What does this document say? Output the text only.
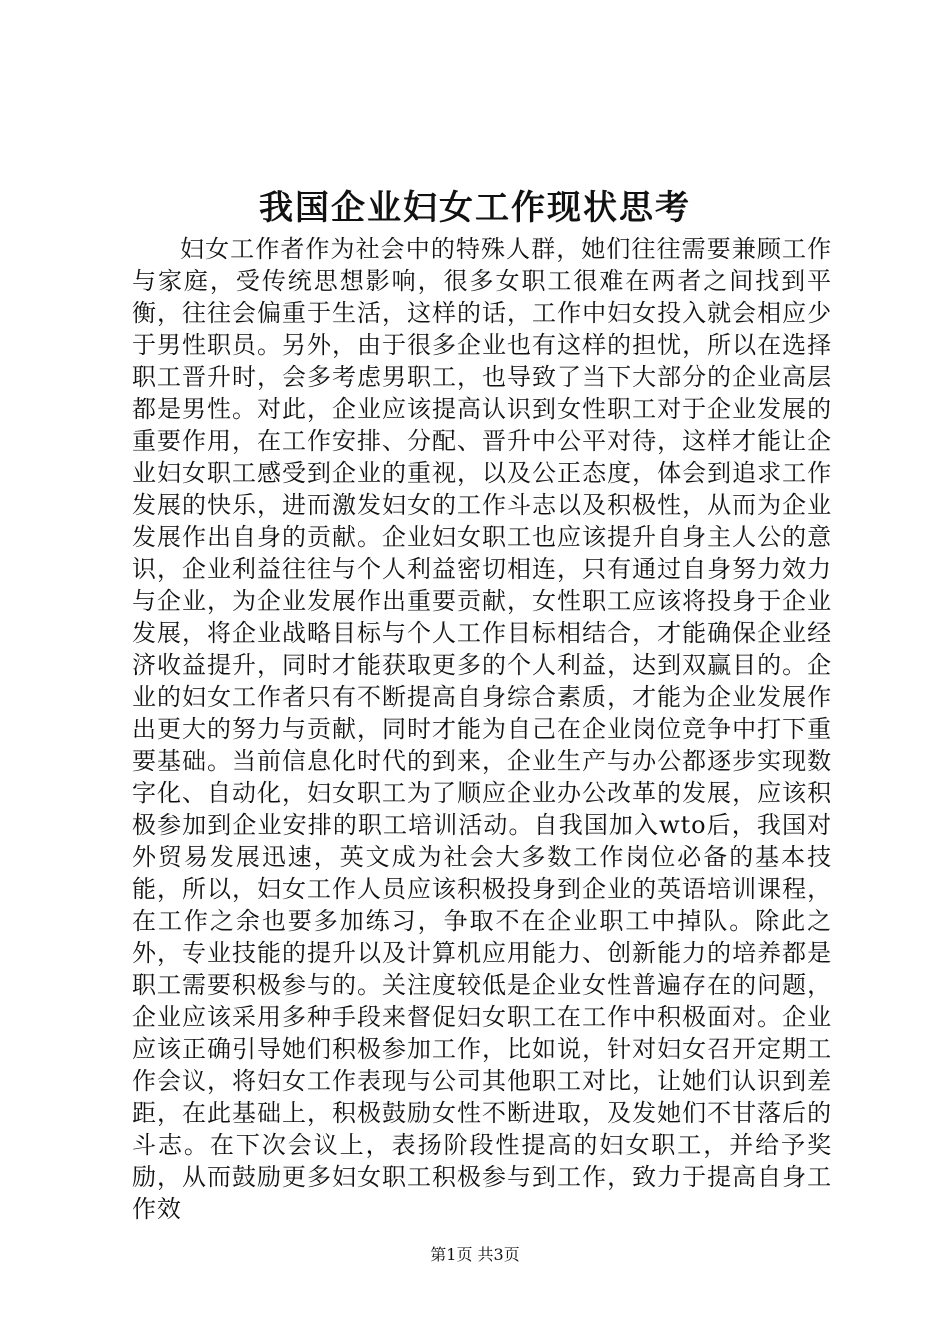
我国企业妇女工作现状思考

妇女工作者作为社会中的特殊人群，她们往往需要兼顾工作与家庭，受传统思想影响，很多女职工很难在两者之间找到平衡，往往会偏重于生活，这样的话，工作中妇女投入就会相应少于男性职员。另外，由于很多企业也有这样的担忧，所以在选择职工晋升时，会多考虑男职工，也导致了当下大部分的企业高层都是男性。对此，企业应该提高认识到女性职工对于企业发展的重要作用，在工作安排、分配、晋升中公平对待，这样才能让企业妇女职工感受到企业的重视，以及公正态度，体会到追求工作发展的快乐，进而激发妇女的工作斗志以及积极性，从而为企业发展作出自身的贡献。企业妇女职工也应该提升自身主人公的意识，企业利益往往与个人利益密切相连，只有通过自身努力效力与企业，为企业发展作出重要贡献，女性职工应该将投身于企业发展，将企业战略目标与个人工作目标相结合，才能确保企业经济收益提升，同时才能获取更多的个人利益，达到双赢目的。企业的妇女工作者只有不断提高自身综合素质，才能为企业发展作出更大的努力与贡献，同时才能为自己在企业岗位竞争中打下重要基础。当前信息化时代的到来，企业生产与办公都逐步实现数字化、自动化，妇女职工为了顺应企业办公改革的发展，应该积极参加到企业安排的职工培训活动。自我国加入wto后，我国对外贸易发展迅速，英文成为社会大多数工作岗位必备的基本技能，所以，妇女工作人员应该积极投身到企业的英语培训课程，在工作之余也要多加练习，争取不在企业职工中掉队。除此之外，专业技能的提升以及计算机应用能力、创新能力的培养都是职工需要积极参与的。关注度较低是企业女性普遍存在的问题，企业应该采用多种手段来督促妇女职工在工作中积极面对。企业应该正确引导她们积极参加工作，比如说，针对妇女召开定期工作会议，将妇女工作表现与公司其他职工对比，让她们认识到差距，在此基础上，积极鼓励女性不断进取，及发她们不甘落后的斗志。在下次会议上，表扬阶段性提高的妇女职工，并给予奖励，从而鼓励更多妇女职工积极参与到工作，致力于提高自身工作效

第1页 共3页
